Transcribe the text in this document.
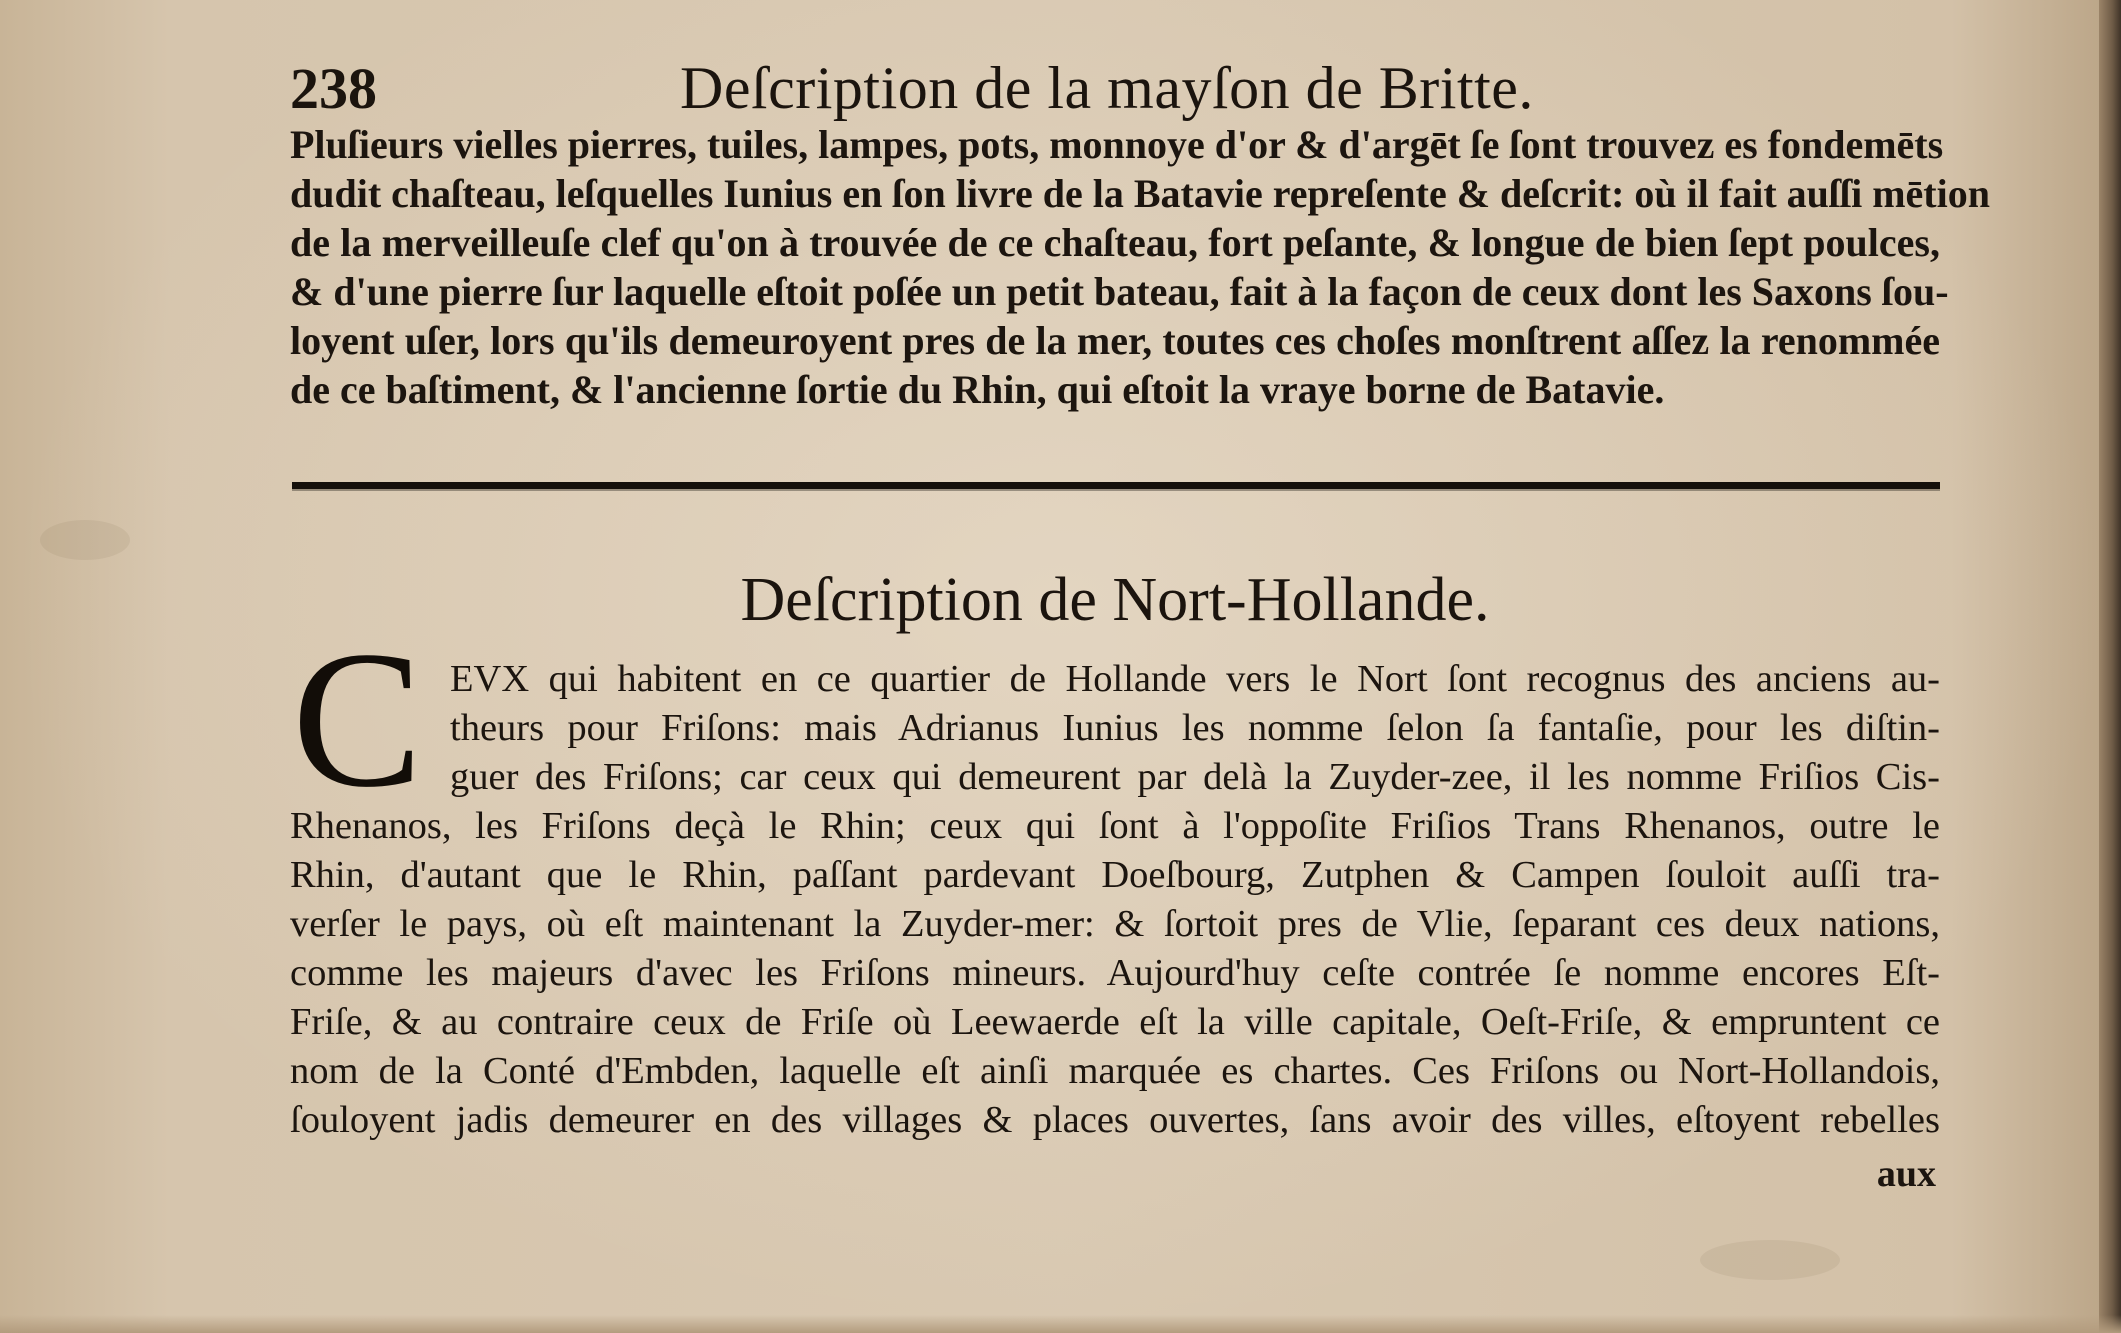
238	Deſcription de la mayſon de Britte.
Pluſieurs vielles pierres, tuiles, lampes, pots, monnoye d'or & d'argēt ſe ſont trouvez es fondemēts
dudit chaſteau, leſquelles Iunius en ſon livre de la Batavie repreſente & deſcrit: où il fait auſſi mētion
de la merveilleuſe clef qu'on à trouvée de ce chaſteau, fort peſante, & longue de bien ſept poulces,
& d'une pierre ſur laquelle eſtoit poſée un petit bateau, fait à la façon de ceux dont les Saxons ſou-
loyent uſer, lors qu'ils demeuroyent pres de la mer, toutes ces choſes monſtrent aſſez la renommée
de ce baſtiment, & l'ancienne ſortie du Rhin, qui eſtoit la vraye borne de Batavie.
Deſcription de Nort-Hollande.
C EVX qui habitent en ce quartier de Hollande vers le Nort ſont recognus des anciens au-
theurs pour Friſons: mais Adrianus Iunius les nomme ſelon ſa fantaſie, pour les diſtin-
guer des Friſons; car ceux qui demeurent par delà la Zuyder-zee, il les nomme Friſios Cis-
Rhenanos, les Friſons deçà le Rhin; ceux qui ſont à l'oppoſite Friſios Trans Rhenanos, outre le
Rhin, d'autant que le Rhin, paſſant pardevant Doeſbourg, Zutphen & Campen ſouloit auſſi tra-
verſer le pays, où eſt maintenant la Zuyder-mer: & ſortoit pres de Vlie, ſeparant ces deux nations,
comme les majeurs d'avec les Friſons mineurs. Aujourd'huy ceſte contrée ſe nomme encores Eſt-
Friſe, & au contraire ceux de Friſe où Leewaerde eſt la ville capitale, Oeſt-Friſe, & empruntent ce
nom de la Conté d'Embden, laquelle eſt ainſi marquée es chartes. Ces Friſons ou Nort-Hollandois,
ſouloyent jadis demeurer en des villages & places ouvertes, ſans avoir des villes, eſtoyent rebelles
aux
